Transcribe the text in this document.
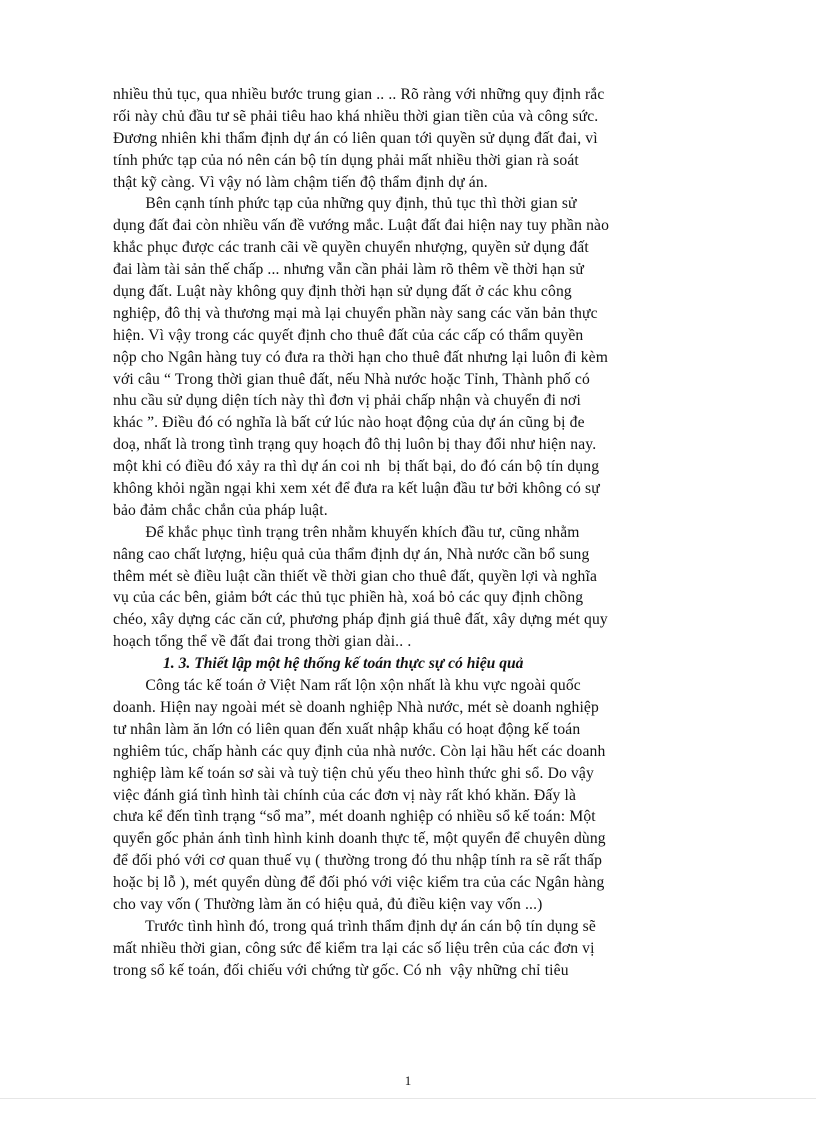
nhiều thủ tục, qua nhiều bước trung gian .. .. Rõ ràng với những quy định rắc
rối này chủ đầu tư sẽ phải tiêu hao khá nhiều thời gian tiền của và công sức.
Đương nhiên khi thẩm định dự án có liên quan tới quyền sử dụng đất đai, vì
tính phức tạp của nó nên cán bộ tín dụng phải mất nhiều thời gian rà soát
thật kỹ càng. Vì vậy nó làm chậm tiến độ thẩm định dự án.
Bên cạnh tính phức tạp của những quy định, thủ tục thì thời gian sử
dụng đất đai còn nhiều vấn đề vướng mắc. Luật đất đai hiện nay tuy phần nào
khắc phục được các tranh cãi về quyền chuyển nhượng, quyền sử dụng đất
đai làm tài sản thế chấp ... nhưng vẫn cần phải làm rõ thêm về thời hạn sử
dụng đất. Luật này không quy định thời hạn sử dụng đất ở các khu công
nghiệp, đô thị và thương mại mà lại chuyển phần này sang các văn bản thực
hiện. Vì vậy trong các quyết định cho thuê đất của các cấp có thẩm quyền
nộp cho Ngân hàng tuy có đưa ra thời hạn cho thuê đất nhưng lại luôn đi kèm
với câu “ Trong thời gian thuê đất, nếu Nhà nước hoặc Tỉnh, Thành phố có
nhu cầu sử dụng diện tích này thì đơn vị phải chấp nhận và chuyển đi nơi
khác ”. Điều đó có nghĩa là bất cứ lúc nào hoạt động của dự án cũng bị đe
doạ, nhất là trong tình trạng quy hoạch đô thị luôn bị thay đổi như hiện nay.
một khi có điều đó xảy ra thì dự án coi nh  bị thất bại, do đó cán bộ tín dụng
không khỏi ngần ngại khi xem xét để đưa ra kết luận đầu tư bởi không có sự
bảo đảm chắc chắn của pháp luật.
Để khắc phục tình trạng trên nhằm khuyến khích đầu tư, cũng nhằm
nâng cao chất lượng, hiệu quả của thẩm định dự án, Nhà nước cần bổ sung
thêm mét sè điều luật cần thiết về thời gian cho thuê đất, quyền lợi và nghĩa
vụ của các bên, giảm bớt các thủ tục phiền hà, xoá bỏ các quy định chồng
chéo, xây dựng các căn cứ, phương pháp định giá thuê đất, xây dựng mét quy
hoạch tổng thể về đất đai trong thời gian dài.. .
1. 3. Thiết lập một hệ thống kế toán thực sự có hiệu quả
Công tác kế toán ở Việt Nam rất lộn xộn nhất là khu vực ngoài quốc
doanh. Hiện nay ngoài mét sè doanh nghiệp Nhà nước, mét sè doanh nghiệp
tư nhân làm ăn lớn có liên quan đến xuất nhập khẩu có hoạt động kế toán
nghiêm túc, chấp hành các quy định của nhà nước. Còn lại hầu hết các doanh
nghiệp làm kế toán sơ sài và tuỳ tiện chủ yếu theo hình thức ghi sổ. Do vậy
việc đánh giá tình hình tài chính của các đơn vị này rất khó khăn. Đấy là
chưa kể đến tình trạng “sổ ma”, mét doanh nghiệp có nhiều sổ kế toán: Một
quyển gốc phản ánh tình hình kinh doanh thực tế, một quyển để chuyên dùng
để đối phó với cơ quan thuế vụ ( thường trong đó thu nhập tính ra sẽ rất thấp
hoặc bị lỗ ), mét quyển dùng để đối phó với việc kiểm tra của các Ngân hàng
cho vay vốn ( Thường làm ăn có hiệu quả, đủ điều kiện vay vốn ...)
Trước tình hình đó, trong quá trình thẩm định dự án cán bộ tín dụng sẽ
mất nhiều thời gian, công sức để kiểm tra lại các số liệu trên của các đơn vị
trong sổ kế toán, đối chiếu với chứng từ gốc. Có nh  vậy những chỉ tiêu
1
